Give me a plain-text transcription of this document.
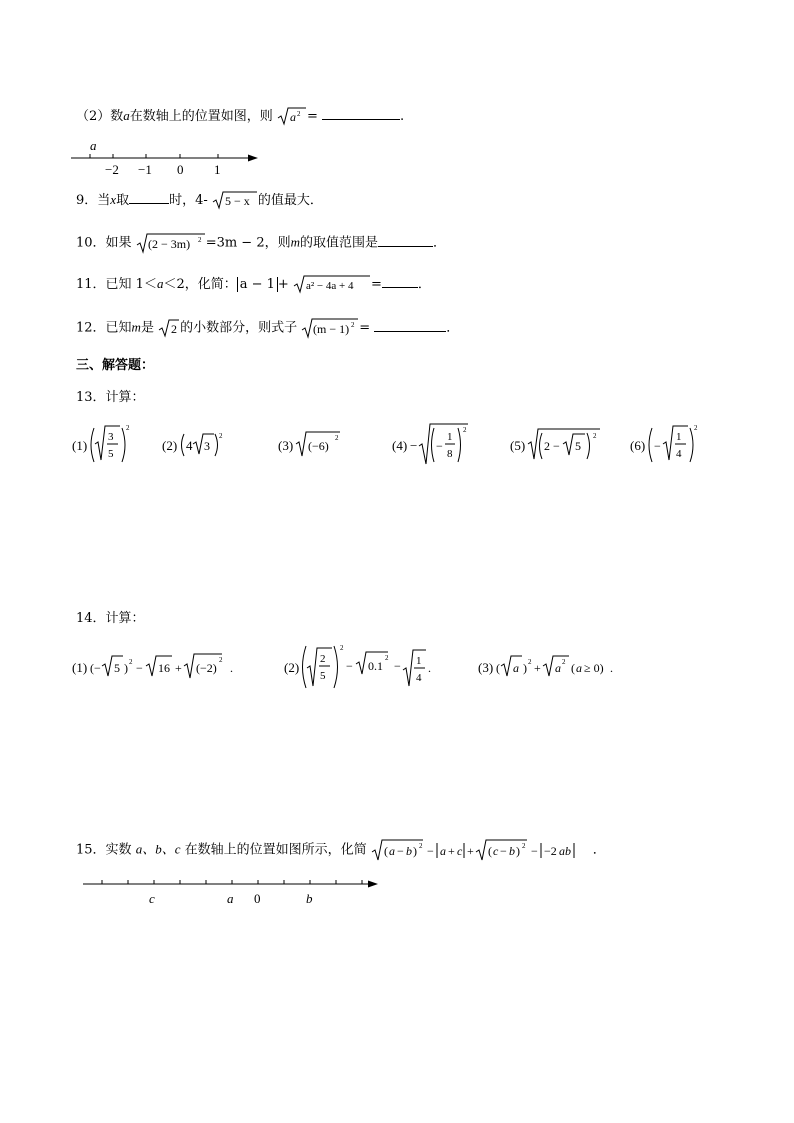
（2）数a在数轴上的位置如图，则 a 2 =	.
a
−2 −1 0 1
9．当x取	时，4- 5 − x 的值最大．
10．如果 (2 − 3m) 2 =3m − 2，则m的取值范围是	．
11．已知 1＜a＜2，化简： a − 1 + a² − 4a + 4 =	．
12．已知m是 2 的小数部分，则式子 (m − 1) 2 =	．
三、解答题：
13．计算：
(1)
3
5
2
(2) 4 3
2
(3) (−6)
2	(4) − −
1
8
2
(5) 2 − 5
2
(6) −
1
4
2
14．计算：
(1) (− 5 ) 2 − 16 + (−2)
2
.	(2)
2
5
2
− 0.1
2
− 1
4
.	(3) ( a ) 2 + a 2 ( a ≥ 0) .
15．实数 a、b、c 在数轴上的位置如图所示，化简 ( a − b ) 2 − a + c + ( c − b ) 2 − −2 ab ．
c	a 0	b
